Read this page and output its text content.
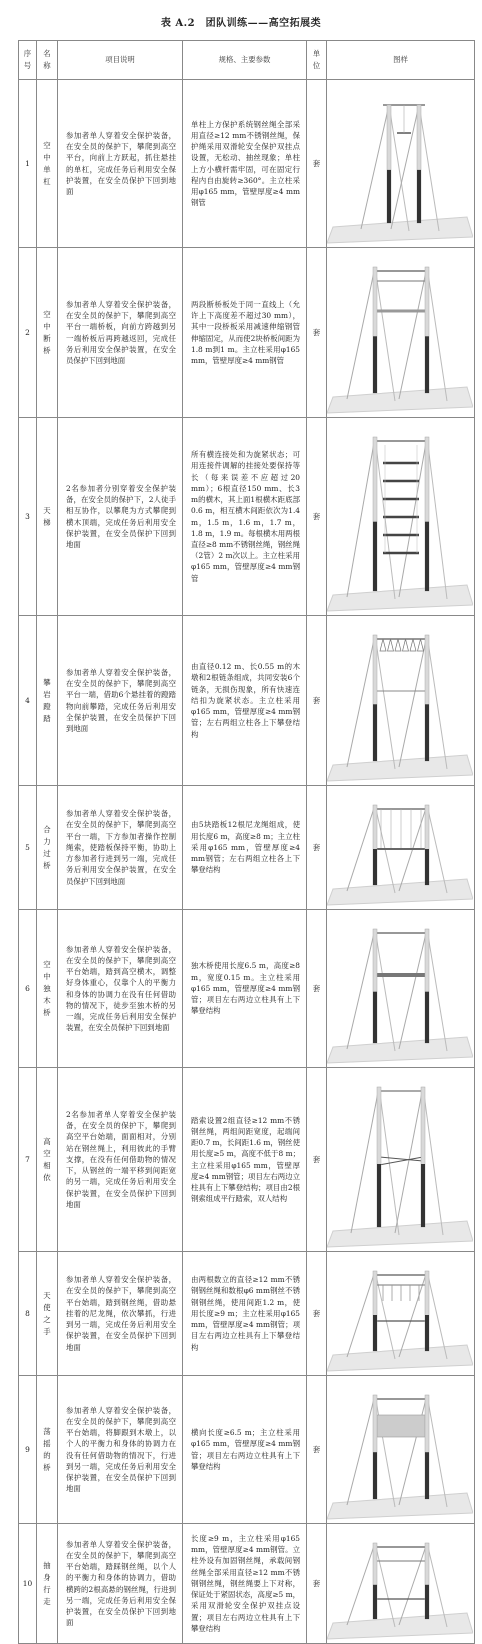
表 A.2　团队训练——高空拓展类
序号	名称	项目说明	规格、主要参数	单位	图样
1	空中单杠	参加者单人穿着安全保护装备，在安全员的保护下，攀爬到高空平台，向前上方跃起，抓住悬挂的单杠，完成任务后利用安全保护装置，在安全员保护下回到地面	单柱上方保护系统钢丝绳全部采用直径≥12 mm不锈钢丝绳，保护绳采用双滑轮安全保护双挂点设置，无松动、抽丝现象；单柱上方小横杆需牢固，可在固定行程内自由旋转≥360°。主立柱采用φ165 mm，管壁厚度≥4 mm钢管	套	

2	空中断桥	参加者单人穿着安全保护装备，在安全员的保护下，攀爬到高空平台一端桥板，向前方跨越到另一端桥板后再跨越返回，完成任务后利用安全保护装置，在安全员保护下回到地面	两段断桥板处于同一直线上（允许上下高度差不超过30 mm），其中一段桥板采用减速伸缩钢管伸缩固定，从而使2块桥板间距为1.8 m到1 m。主立柱采用φ165 mm，管壁厚度≥4 mm钢管	套	

3	天梯	2名参加者分别穿着安全保护装备，在安全员的保护下，2人徒手相互协作，以攀爬为方式攀爬到横木顶端，完成任务后利用安全保护装置，在安全员保护下回到地面	所有横连接处和为旋紧状态；可用连接件调解的挂接处要保持等长（每来误差不应超过20 mm）；6根直径150 mm、长3 m的横木，其上面1根横木距底部0.6 m，相互横木间距依次为1.4 m，1.5 m，1.6 m，1.7 m，1.8 m，1.9 m。每根横木用两根直径≥8 mm不锈钢丝绳，钢丝绳（2管）2 m次以上。主立柱采用φ165 mm，管壁厚度≥4 mm钢管	套	

4	攀岩蹬踏	参加者单人穿着安全保护装备，在安全员的保护下，攀爬到高空平台一端，借助6个悬挂着的蹬踏物向前攀踏，完成任务后利用安全保护装置，在安全员保护下回到地面	由直径0.12 m、长0.55 m的木墩和2根链条组成，共同安装6个链条，无损伤现象，所有快速连结扣为旋紧状态。主立柱采用φ165 mm，管壁厚度≥4 mm钢管；左右两组立柱各上下攀登结构	套	

5	合力过桥	参加者单人穿着安全保护装备，在安全员的保护下，攀爬到高空平台一端，下方参加者操作控制绳索，使踏板保持平衡，协助上方参加者行进到另一端，完成任务后利用安全保护装置，在安全员保护下回到地面	由5块踏板12根尼龙绳组成，使用长度6 m，高度≥8 m；主立柱采用φ165 mm，管壁厚度≥4 mm钢管；左右两组立柱各上下攀登结构	套	

6	空中独木桥	参加者单人穿着安全保护装备，在安全员的保护下，攀爬到高空平台始端，踏到高空横木，调整好身体重心，仅靠个人的平衡力和身体的协调力在没有任何借助物的情况下，徒步至独木桥的另一端，完成任务后利用安全保护装置，在安全员保护下回到地面	独木桥使用长度6.5 m，高度≥8 m，宽度0.15 m。主立柱采用φ165 mm，管壁厚度≥4 mm钢管；项目左右两边立柱具有上下攀登结构	套	

7	高空相依	2名参加者单人穿着安全保护装备，在安全员的保护下，攀爬到高空平台始端，面面相对，分别站在钢丝绳上，利用彼此的手臂支撑，在没有任何借助物的情况下，从钢丝的一端平移到间距宽的另一端，完成任务后利用安全保护装置，在安全员保护下回到地面	踏索设置2组直径≥12 mm不锈钢丝绳，两组间距宽度，起端间距0.7 m，长间距1.6 m，钢丝使用长度≥5 m，高度不低于8 m；主立柱采用φ165 mm，管壁厚度≥4 mm钢管；项目左右两边立柱具有上下攀登结构；项目由2根钢索组成平行踏索，双人结构	套	

8	天使之手	参加者单人穿着安全保护装备，在安全员的保护下，攀爬到高空平台始端，踏到钢丝绳，借助悬挂着的尼龙绳，依次攀抓，行进到另一端，完成任务后利用安全保护装置，在安全员保护下回到地面	由两根数立的直径≥12 mm不锈钢钢丝绳和数根φ6 mm钢丝不锈钢钢丝绳，使用间距1.2 m，使用长度≥9 m；主立柱采用φ165 mm，管壁厚度≥4 mm钢管；项目左右两边立柱具有上下攀登结构	套	

9	荡摇的桥	参加者单人穿着安全保护装备，在安全员的保护下，攀爬到高空平台始端，将脚跟到木墩上，以个人的平衡力和身体的协调力在没有任何借助物的情况下，行进到另一端，完成任务后利用安全保护装置，在安全员保护下回到地面	横向长度≥6.5 m；主立柱采用φ165 mm，管壁厚度≥4 mm钢管；项目左右两边立柱具有上下攀登结构	套	

10	抽身行走	参加者单人穿着安全保护装备，在安全员的保护下，攀爬到高空平台始端，踏踩钢丝绳，以个人的平衡力和身体的协调力，借助横跨的2根高悬的钢丝绳，行进到另一端，完成任务后利用安全保护装置，在安全员保护下回到地面	长度≥9 m，主立柱采用φ165 mm，管壁厚度≥4 mm钢管。立柱外设有加固钢丝绳，承载间钢丝绳全部采用直径≥12 mm不锈钢钢丝绳，钢丝绳要上下对称，保证处于紧固状态，高度≥5 m，采用双滑轮安全保护双挂点设置；项目左右两边立柱具有上下攀登结构	套	
